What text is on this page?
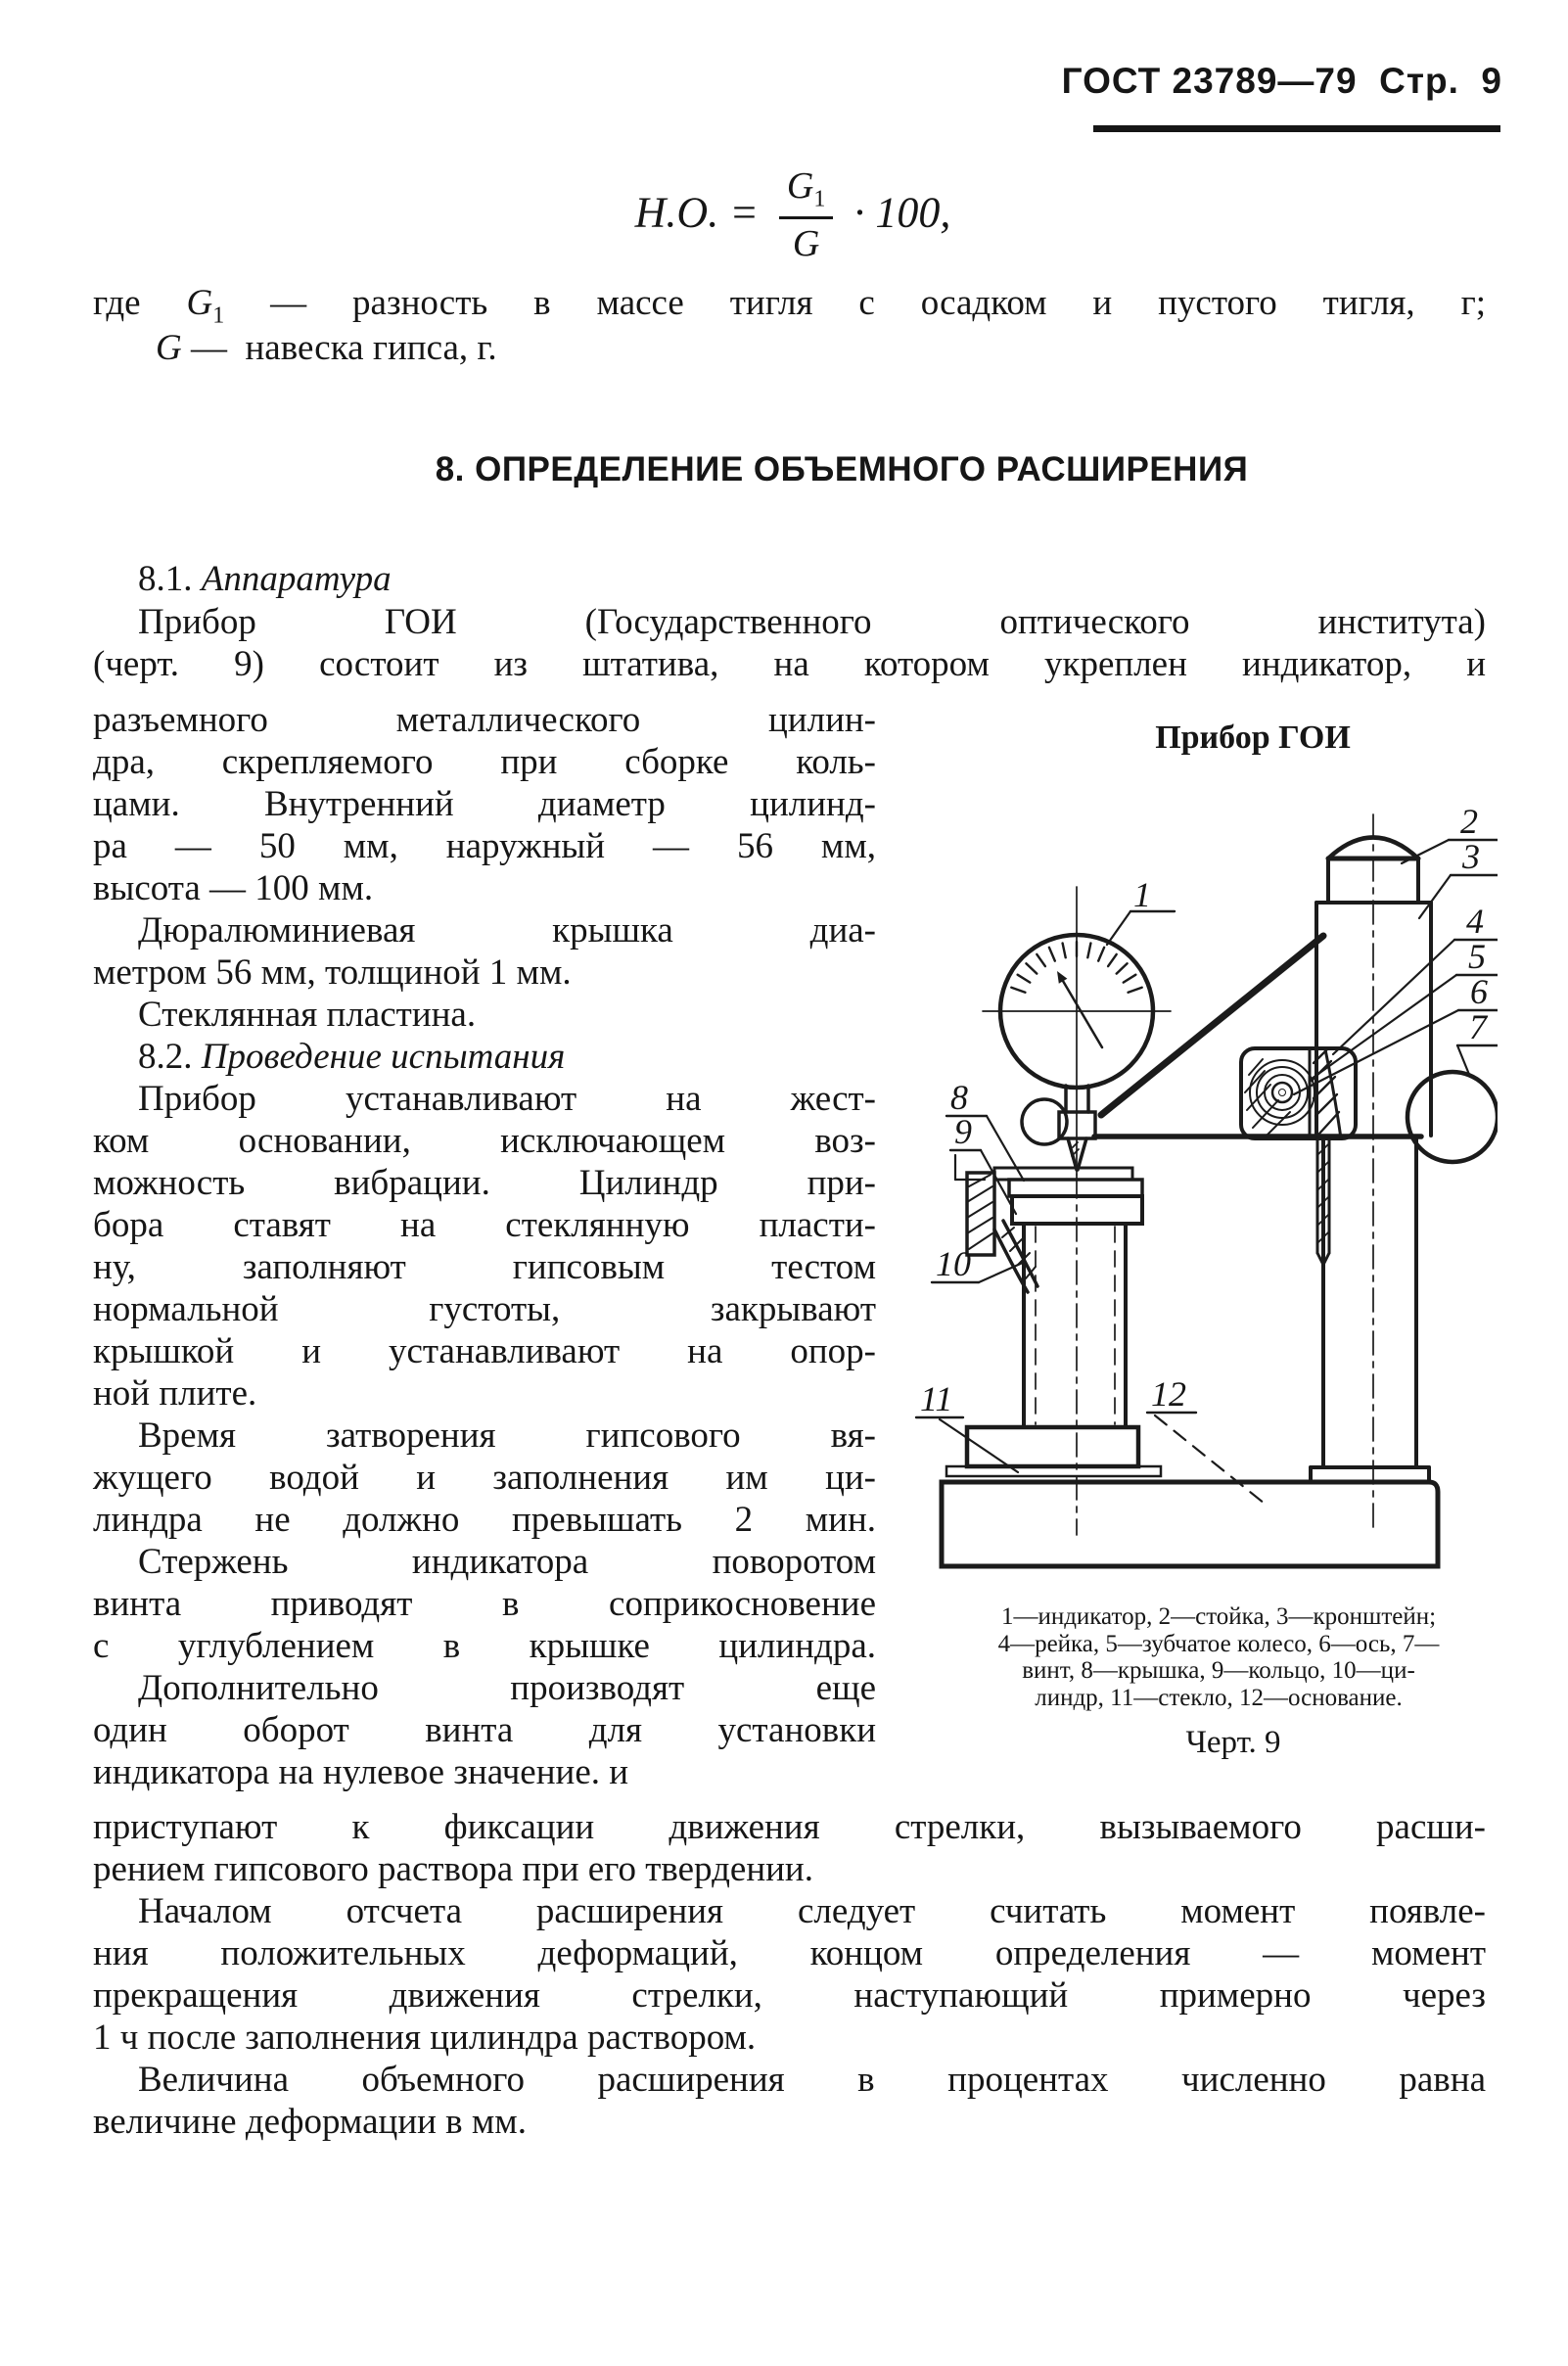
ГОСТ 23789—79  Стр.  9
Н.О. = $\frac{G_1}{G} \cdot 100$,
где $G_1$ — разность в массе тигля с осадком и пустого тигля, г;
G — навеска гипса, г.
8. ОПРЕДЕЛЕНИЕ ОБЪЕМНОГО РАСШИРЕНИЯ
8.1. Аппаратура
Прибор ГОИ (Государственного оптического института)
(черт. 9) состоит из штатива, на котором укреплен индикатор, и
разъемного металлического цилин-
дра, скрепляемого при сборке коль-
цами. Внутренний диаметр цилинд-
ра — 50 мм, наружный — 56 мм,
высота — 100 мм.
Дюралюминиевая крышка диа-
метром 56 мм, толщиной 1 мм.
Стеклянная пластина.
8.2. Проведение испытания
Прибор устанавливают на жест-
ком основании, исключающем воз-
можность вибрации. Цилиндр при-
бора ставят на стеклянную пласти-
ну, заполняют гипсовым тестом
нормальной густоты, закрывают
крышкой и устанавливают на опор-
ной плите.
Время затворения гипсового вя-
жущего водой и заполнения им ци-
линдра не должно превышать 2 мин.
Стержень индикатора поворотом
винта приводят в соприкосновение
с углублением в крышке цилиндра.
Дополнительно производят еще
один оборот винта для установки
индикатора на нулевое значение. и
Прибор ГОИ
1
2
3
4
5
6
7
8
9
10
11	12
1—индикатор, 2—стойка, 3—кронштейн;
4—рейка, 5—зубчатое колесо, 6—ось, 7—
винт, 8—крышка, 9—кольцо, 10—ци-
линдр, 11—стекло, 12—основание.
Черт. 9
приступают к фиксации движения стрелки, вызываемого расши-
рением гипсового раствора при его твердении.
Началом отсчета расширения следует считать момент появле-
ния положительных деформаций, концом определения — момент
прекращения движения стрелки, наступающий примерно через
1 ч после заполнения цилиндра раствором.
Величина объемного расширения в процентах численно равна
величине деформации в мм.
